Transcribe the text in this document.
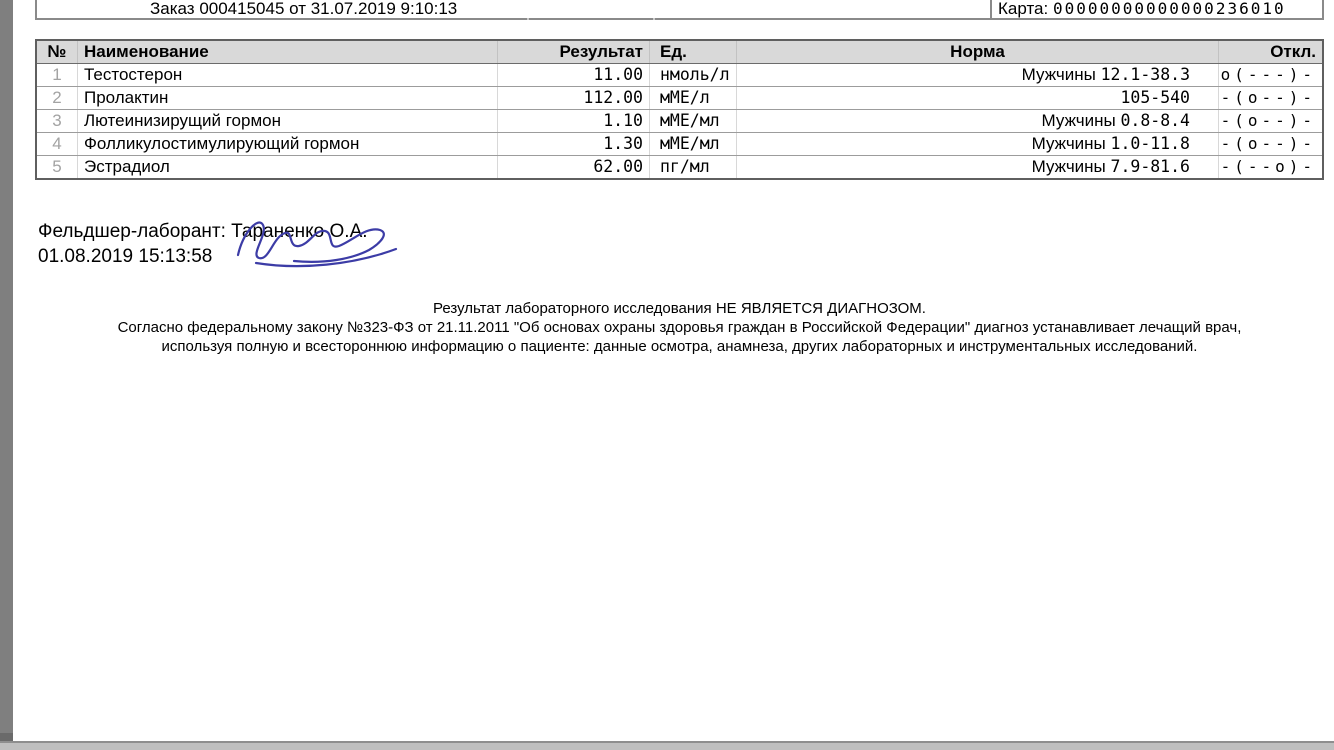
Заказ 000415045 от 31.07.2019 9:10:13	Карта: 00000000000000236010
№	Наименование	Результат	Ед.	Норма	Откл.
1	Тестостерон	11.00	нмоль/л	Мужчины 12.1-38.3	о(---)-
2	Пролактин	112.00	мМЕ/л	105-540	-(о--)-
3	Лютеинизирущий гормон	1.10	мМЕ/мл	Мужчины 0.8-8.4	-(о--)-
4	Фолликулостимулирующий гормон	1.30	мМЕ/мл	Мужчины 1.0-11.8	-(о--)-
5	Эстрадиол	62.00	пг/мл	Мужчины 7.9-81.6	-(--о)-
Фельдшер-лаборант: Тараненко О.А.
01.08.2019 15:13:58
Результат лабораторного исследования НЕ ЯВЛЯЕТСЯ ДИАГНОЗОМ.
Согласно федеральному закону №323-ФЗ от 21.11.2011 "Об основах охраны здоровья граждан в Российской Федерации" диагноз устанавливает лечащий врач,
используя полную и всестороннюю информацию о пациенте: данные осмотра, анамнеза, других лабораторных и инструментальных исследований.
